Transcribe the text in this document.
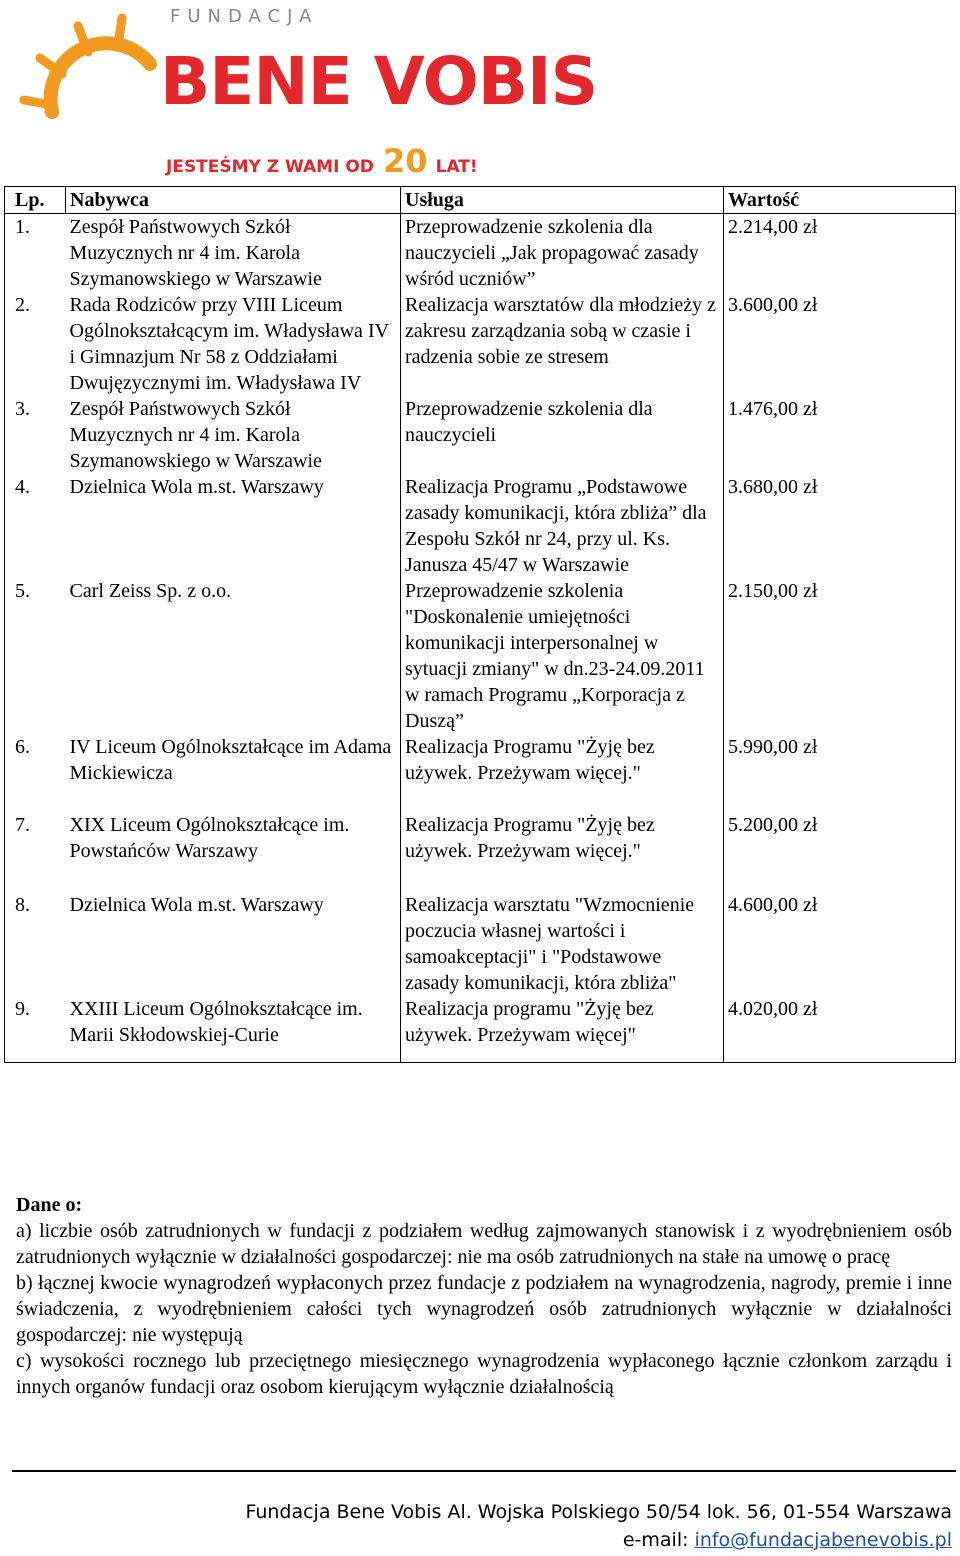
FUNDACJA
BENE VOBIS
JESTEŚMY Z WAMI OD 20 LAT!
Lp.	Nabywca	Usługa	Wartość
1.	Zespół Państwowych Szkół Muzycznych nr 4 im. Karola Szymanowskiego w Warszawie	Przeprowadzenie szkolenia dla nauczycieli „Jak propagować zasady wśród uczniów”	2.214,00 zł
2.	Rada Rodziców przy VIII Liceum Ogólnokształcącym im. Władysława IV i Gimnazjum Nr 58 z Oddziałami Dwujęzycznymi im. Władysława IV	Realizacja warsztatów dla młodzieży z zakresu zarządzania sobą w czasie i radzenia sobie ze stresem	3.600,00 zł
3.	Zespół Państwowych Szkół Muzycznych nr 4 im. Karola Szymanowskiego w Warszawie	Przeprowadzenie szkolenia dla nauczycieli	1.476,00 zł
4.	Dzielnica Wola m.st. Warszawy	Realizacja Programu „Podstawowe zasady komunikacji, która zbliża” dla Zespołu Szkół nr 24, przy ul. Ks. Janusza 45/47 w Warszawie	3.680,00 zł
5.	Carl Zeiss Sp. z o.o.	Przeprowadzenie szkolenia "Doskonalenie umiejętności komunikacji interpersonalnej w sytuacji zmiany" w dn.23-24.09.2011 w ramach Programu „Korporacja z Duszą”	2.150,00 zł
6.	IV Liceum Ogólnokształcące im Adama Mickiewicza	Realizacja Programu "Żyję bez używek. Przeżywam więcej."	5.990,00 zł
7.	XIX Liceum Ogólnokształcące im. Powstańców Warszawy	Realizacja Programu "Żyję bez używek. Przeżywam więcej."	5.200,00 zł
8.	Dzielnica Wola m.st. Warszawy	Realizacja warsztatu "Wzmocnienie poczucia własnej wartości i samoakceptacji" i "Podstawowe zasady komunikacji, która zbliża"	4.600,00 zł
9.	XXIII Liceum Ogólnokształcące im. Marii Skłodowskiej-Curie	Realizacja programu "Żyję bez używek. Przeżywam więcej"	4.020,00 zł

Dane o:

a) liczbie osób zatrudnionych w fundacji z podziałem według zajmowanych stanowisk i z wyodrębnieniem osób zatrudnionych wyłącznie w działalności gospodarczej: nie ma osób zatrudnionych na stałe na umowę o pracę

b) łącznej kwocie wynagrodzeń wypłaconych przez fundacje z podziałem na wynagrodzenia, nagrody, premie i inne świadczenia, z wyodrębnieniem całości tych wynagrodzeń osób zatrudnionych wyłącznie w działalności gospodarczej: nie występują

c) wysokości rocznego lub przeciętnego miesięcznego wynagrodzenia wypłaconego łącznie członkom zarządu i innych organów fundacji oraz osobom kierującym wyłącznie działalnością

Fundacja Bene Vobis Al. Wojska Polskiego 50/54 lok. 56, 01-554 Warszawa
e-mail: info@fundacjabenevobis.pl
